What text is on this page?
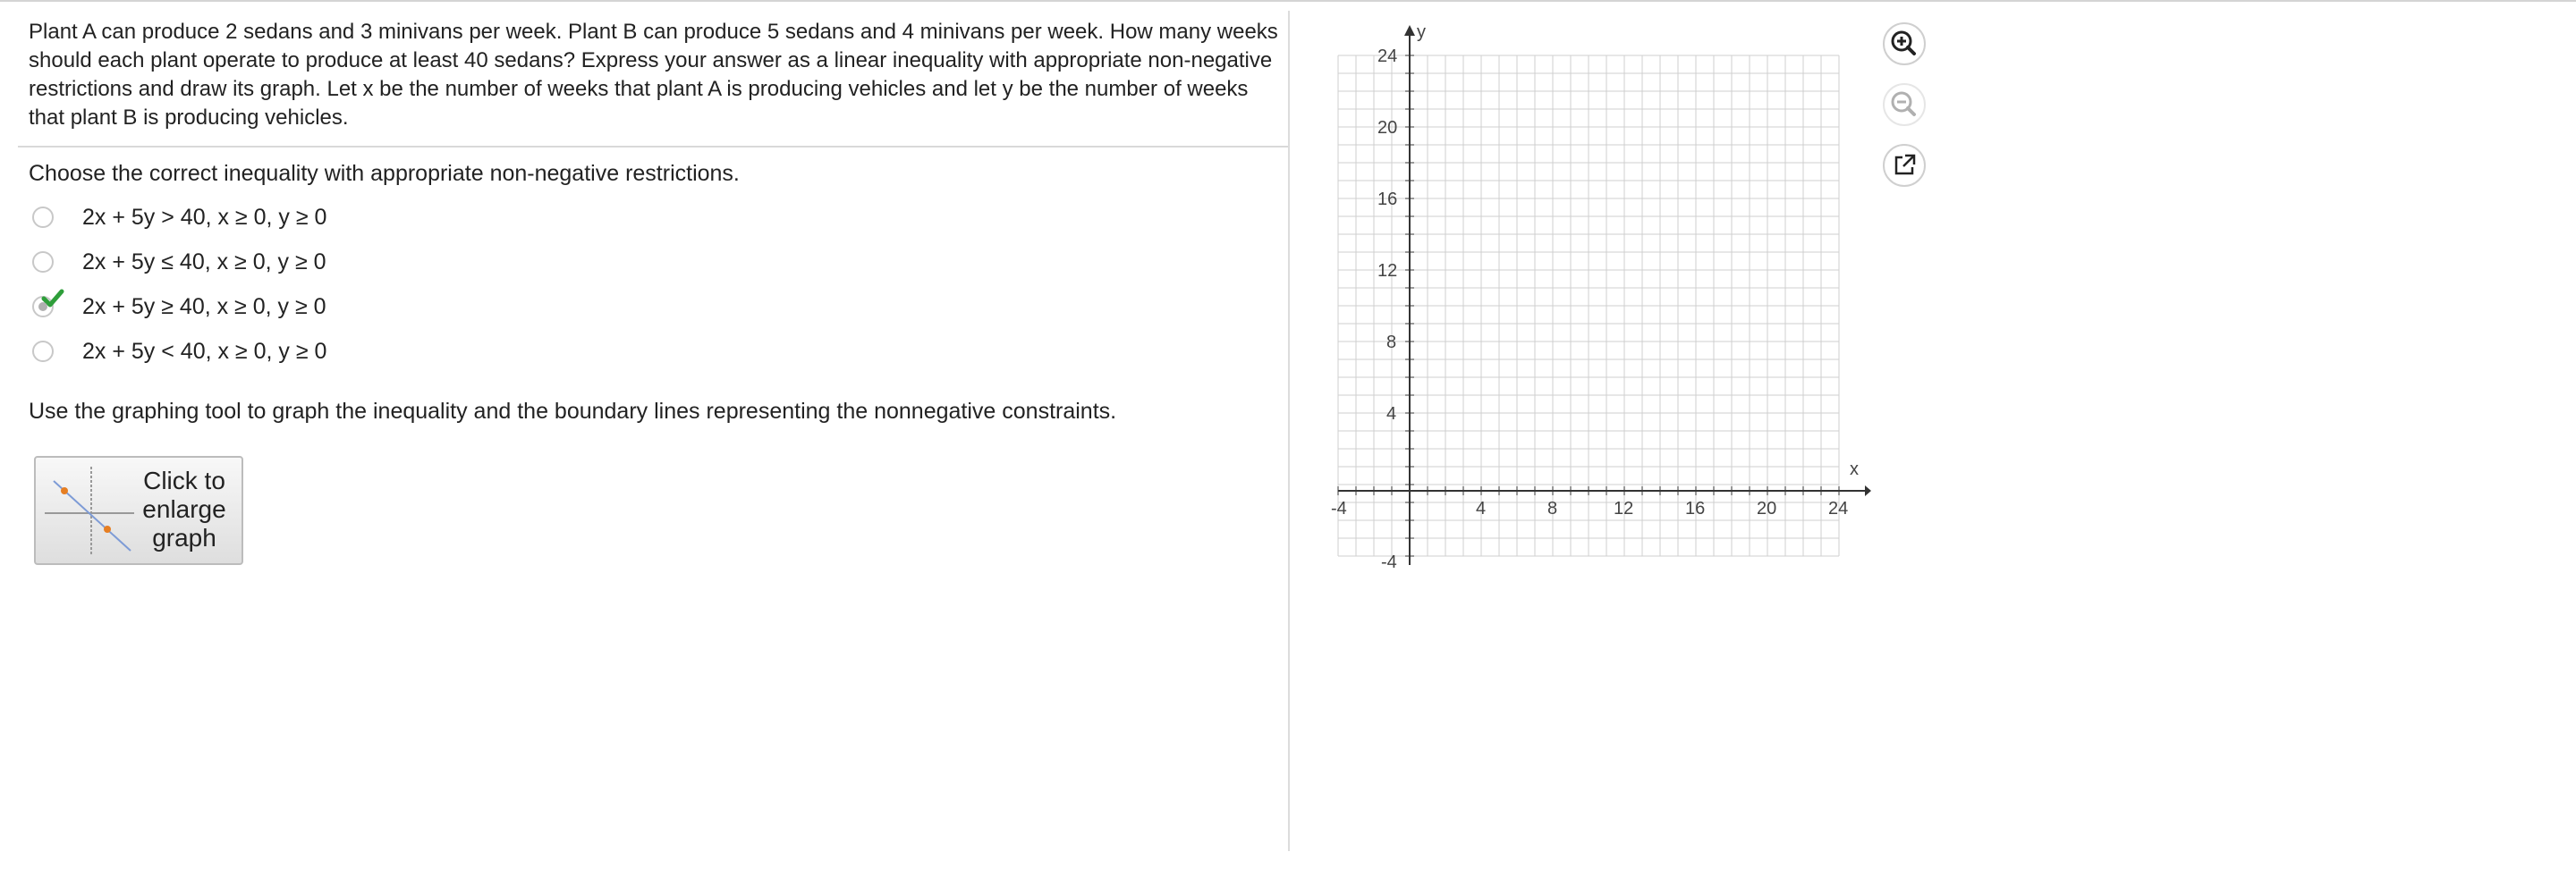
Plant A can produce 2 sedans and 3 minivans per week. Plant B can produce 5 sedans and 4 minivans per week. How many weeks should each plant operate to produce at least 40 sedans? Express your answer as a linear inequality with appropriate non-negative restrictions and draw its graph. Let x be the number of weeks that plant A is producing vehicles and let y be the number of weeks that plant B is producing vehicles.
Choose the correct inequality with appropriate non-negative restrictions.
2x + 5y > 40, x ≥ 0, y ≥ 0
2x + 5y ≤ 40, x ≥ 0, y ≥ 0
2x + 5y ≥ 40, x ≥ 0, y ≥ 0
2x + 5y < 40, x ≥ 0, y ≥ 0
Use the graphing tool to graph the inequality and the boundary lines representing the nonnegative constraints.
Click to
enlarge
graph
x
y
-4	4	8	12	16	20	24
24
20
16
12
8
4
-4
